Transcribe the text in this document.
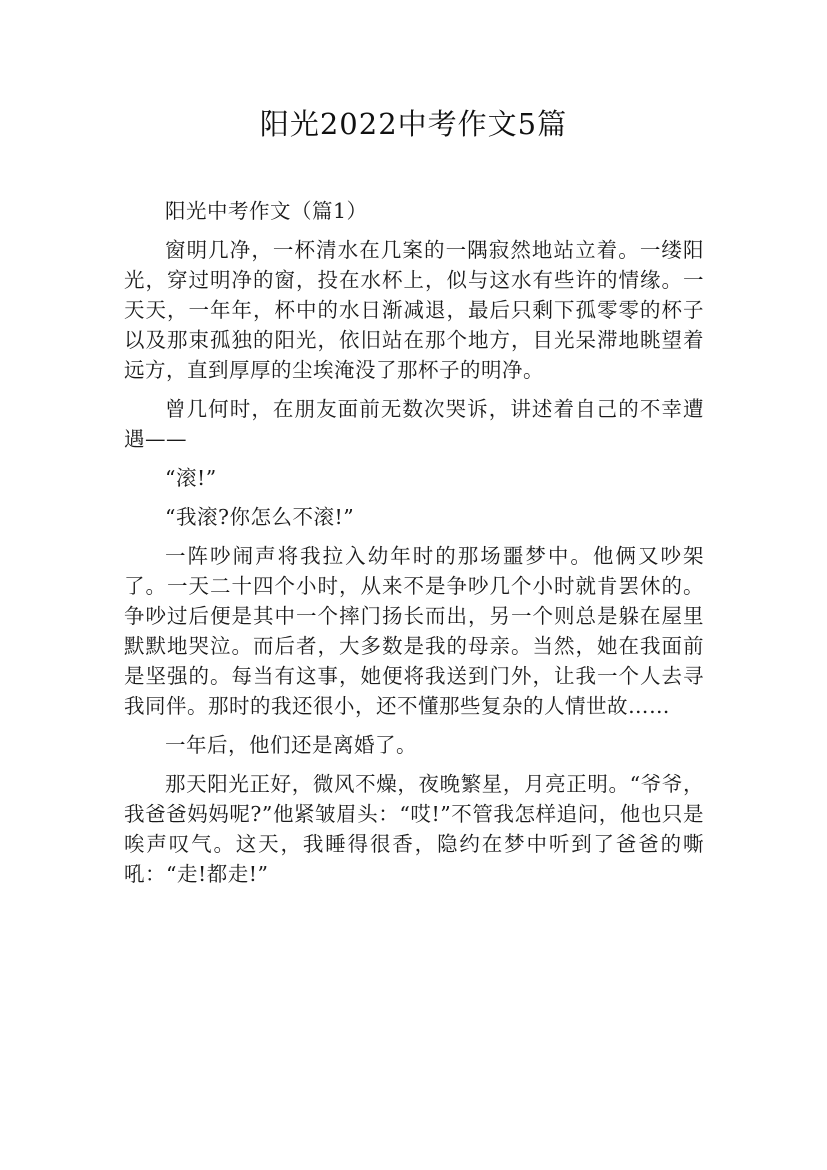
阳光2022中考作文5篇

阳光中考作文（篇1）

窗明几净，一杯清水在几案的一隅寂然地站立着。一缕阳光，穿过明净的窗，投在水杯上，似与这水有些许的情缘。一天天，一年年，杯中的水日渐减退，最后只剩下孤零零的杯子以及那束孤独的阳光，依旧站在那个地方，目光呆滞地眺望着远方，直到厚厚的尘埃淹没了那杯子的明净。

曾几何时，在朋友面前无数次哭诉，讲述着自己的不幸遭遇——

“滚!”

“我滚?你怎么不滚!”

一阵吵闹声将我拉入幼年时的那场噩梦中。他俩又吵架了。一天二十四个小时，从来不是争吵几个小时就肯罢休的。争吵过后便是其中一个摔门扬长而出，另一个则总是躲在屋里默默地哭泣。而后者，大多数是我的母亲。当然，她在我面前是坚强的。每当有这事，她便将我送到门外，让我一个人去寻我同伴。那时的我还很小，还不懂那些复杂的人情世故……

一年后，他们还是离婚了。

那天阳光正好，微风不燥，夜晚繁星，月亮正明。“爷爷，我爸爸妈妈呢?”他紧皱眉头：“哎!”不管我怎样追问，他也只是唉声叹气。这天，我睡得很香，隐约在梦中听到了爸爸的嘶吼：“走!都走!”
